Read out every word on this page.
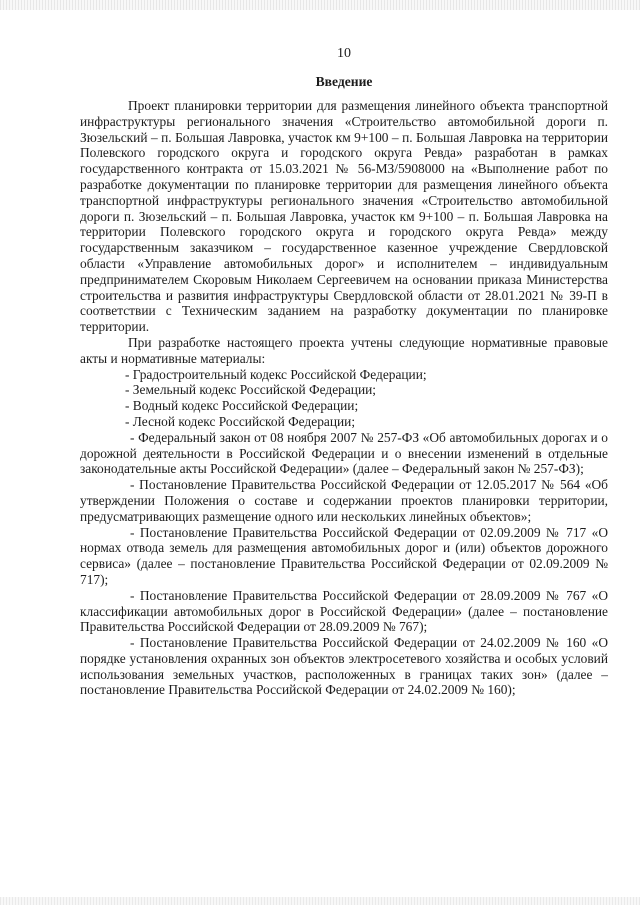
10
Введение

Проект планировки территории для размещения линейного объекта транспортной инфраструктуры регионального значения «Строительство автомобильной дороги п. Зюзельский – п. Большая Лавровка, участок км 9+100 – п. Большая Лавровка на территории Полевского городского округа и городского округа Ревда» разработан в рамках государственного контракта от 15.03.2021 № 56-МЗ/5908000 на «Выполнение работ по разработке документации по планировке территории для размещения линейного объекта транспортной инфраструктуры регионального значения «Строительство автомобильной дороги п. Зюзельский – п. Большая Лавровка, участок км 9+100 – п. Большая Лавровка на территории Полевского городского округа и городского округа Ревда» между государственным заказчиком – государственное казенное учреждение Свердловской области «Управление автомобильных дорог» и исполнителем – индивидуальным предпринимателем Скоровым Николаем Сергеевичем на основании приказа Министерства строительства и развития инфраструктуры Свердловской области от 28.01.2021 № 39-П в соответствии с Техническим заданием на разработку документации по планировке территории.

При разработке настоящего проекта учтены следующие нормативные правовые акты и нормативные материалы:

- Градостроительный кодекс Российской Федерации;

- Земельный кодекс Российской Федерации;

- Водный кодекс Российской Федерации;

- Лесной кодекс Российской Федерации;

- Федеральный закон от 08 ноября 2007 № 257-ФЗ «Об автомобильных дорогах и о дорожной деятельности в Российской Федерации и о внесении изменений в отдельные законодательные акты Российской Федерации» (далее – Федеральный закон № 257-ФЗ);

- Постановление Правительства Российской Федерации от 12.05.2017 № 564 «Об утверждении Положения о составе и содержании проектов планировки территории, предусматривающих размещение одного или нескольких линейных объектов»;

- Постановление Правительства Российской Федерации от 02.09.2009 № 717 «О нормах отвода земель для размещения автомобильных дорог и (или) объектов дорожного сервиса» (далее – постановление Правительства Российской Федерации от 02.09.2009 № 717);

- Постановление Правительства Российской Федерации от 28.09.2009 № 767 «О классификации автомобильных дорог в Российской Федерации» (далее – постановление Правительства Российской Федерации от 28.09.2009 № 767);

- Постановление Правительства Российской Федерации от 24.02.2009 № 160 «О порядке установления охранных зон объектов электросетевого хозяйства и особых условий использования земельных участков, расположенных в границах таких зон» (далее – постановление Правительства Российской Федерации от 24.02.2009 № 160);
